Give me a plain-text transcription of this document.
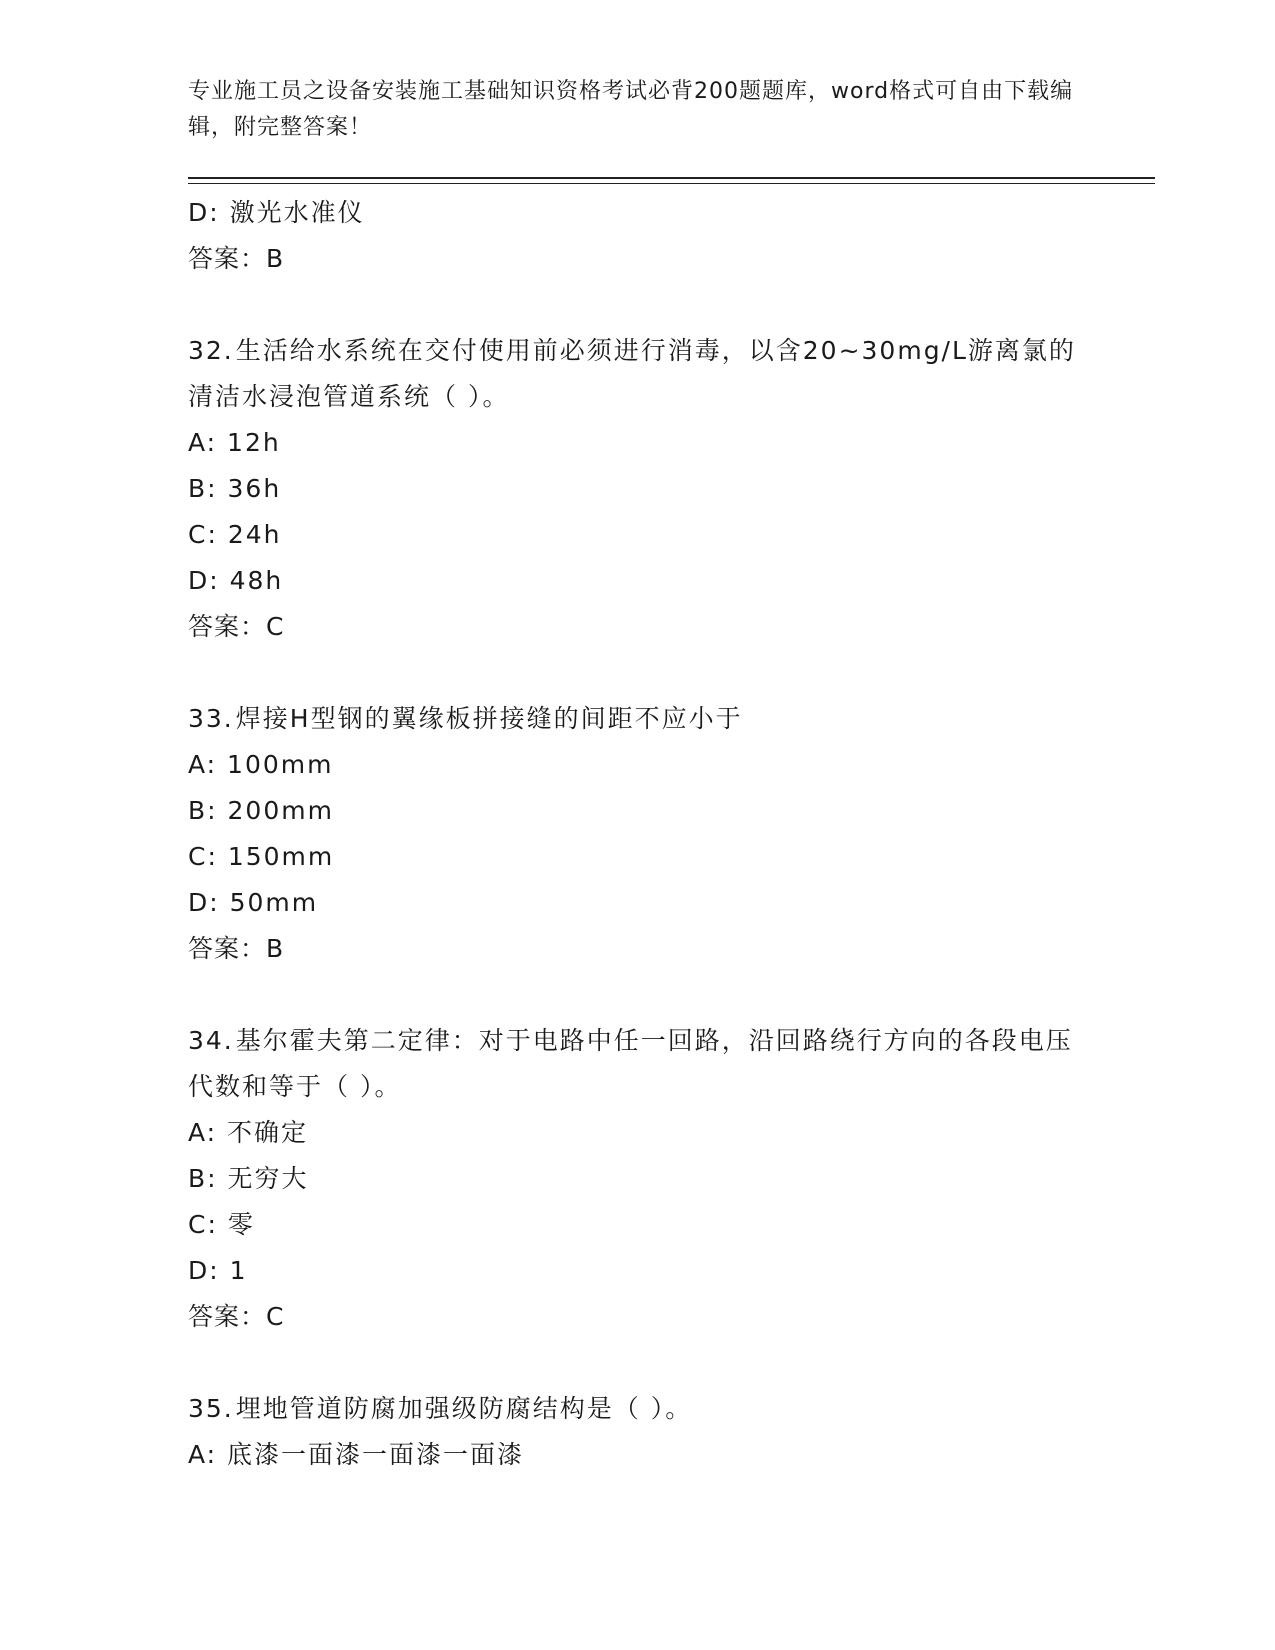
专业施工员之设备安装施工基础知识资格考试必背200题题库，word格式可自由下载编辑，附完整答案！
D: 激光水准仪
答案：B
32.生活给水系统在交付使用前必须进行消毒，以含20~30mg/L游离氯的清洁水浸泡管道系统（ ）。
A: 12h
B: 36h
C: 24h
D: 48h
答案：C
33.焊接H型钢的翼缘板拼接缝的间距不应小于
A: 100mm
B: 200mm
C: 150mm
D: 50mm
答案：B
34.基尔霍夫第二定律：对于电路中任一回路，沿回路绕行方向的各段电压代数和等于（ ）。
A: 不确定
B: 无穷大
C: 零
D: 1
答案：C
35.埋地管道防腐加强级防腐结构是（ ）。
A: 底漆一面漆一面漆一面漆
